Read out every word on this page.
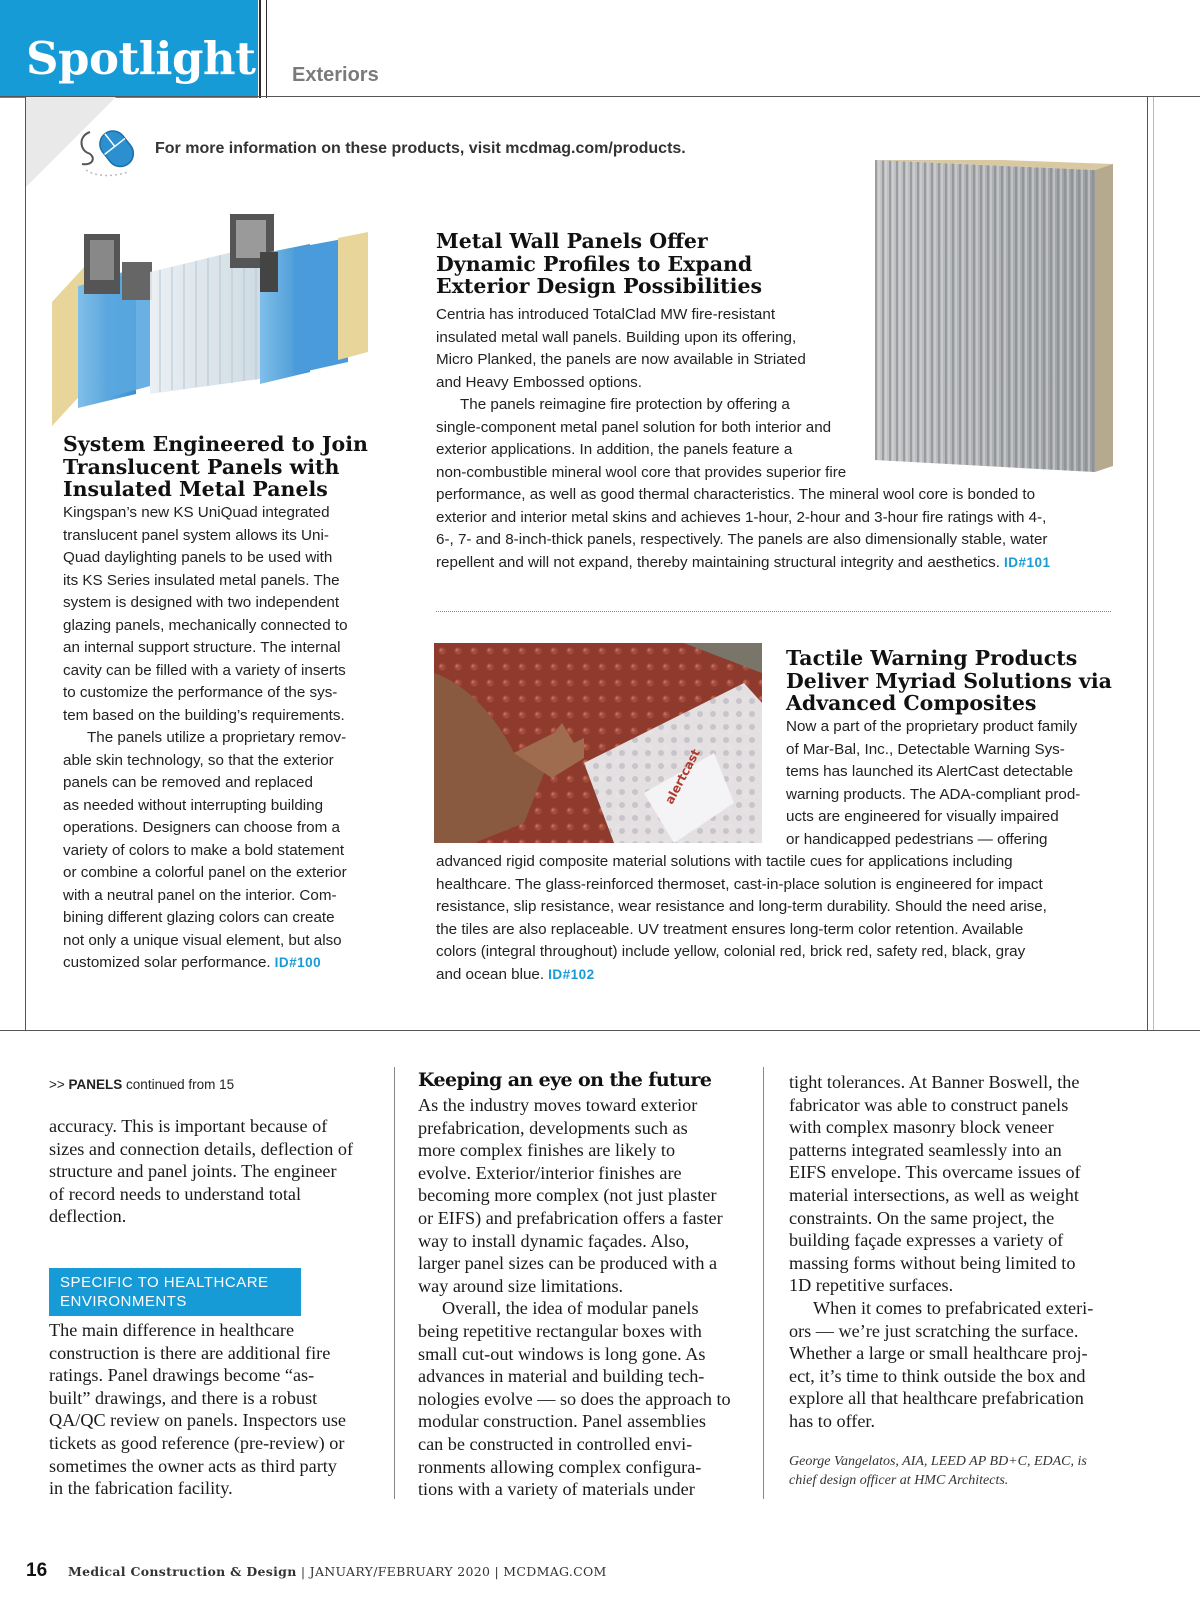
Spotlight Exteriors
For more information on these products, visit mcdmag.com/products.
alertcast
System Engineered to Join
Translucent Panels with
Insulated Metal Panels
Kingspan’s new KS UniQuad integrated
translucent panel system allows its Uni-
Quad daylighting panels to be used with
its KS Series insulated metal panels. The
system is designed with two independent
glazing panels, mechanically connected to
an internal support structure. The internal
cavity can be filled with a variety of inserts
to customize the performance of the sys-
tem based on the building’s requirements.
The panels utilize a proprietary remov-
able skin technology, so that the exterior
panels can be removed and replaced
as needed without interrupting building
operations. Designers can choose from a
variety of colors to make a bold statement
or combine a colorful panel on the exterior
with a neutral panel on the interior. Com-
bining different glazing colors can create
not only a unique visual element, but also
customized solar performance. ID#100
Metal Wall Panels Offer
Dynamic Profiles to Expand
Exterior Design Possibilities
Centria has introduced TotalClad MW fire-resistant
insulated metal wall panels. Building upon its offering,
Micro Planked, the panels are now available in Striated
and Heavy Embossed options.
The panels reimagine fire protection by offering a
single-component metal panel solution for both interior and
exterior applications. In addition, the panels feature a
non-combustible mineral wool core that provides superior fire
performance, as well as good thermal characteristics. The mineral wool core is bonded to
exterior and interior metal skins and achieves 1-hour, 2-hour and 3-hour fire ratings with 4-,
6-, 7- and 8-inch-thick panels, respectively. The panels are also dimensionally stable, water
repellent and will not expand, thereby maintaining structural integrity and aesthetics. ID#101
Tactile Warning Products
Deliver Myriad Solutions via
Advanced Composites
Now a part of the proprietary product family
of Mar-Bal, Inc., Detectable Warning Sys-
tems has launched its AlertCast detectable
warning products. The ADA-compliant prod-
ucts are engineered for visually impaired
or handicapped pedestrians — offering
advanced rigid composite material solutions with tactile cues for applications including
healthcare. The glass-reinforced thermoset, cast-in-place solution is engineered for impact
resistance, slip resistance, wear resistance and long-term durability. Should the need arise,
the tiles are also replaceable. UV treatment ensures long-term color retention. Available
colors (integral throughout) include yellow, colonial red, brick red, safety red, black, gray
and ocean blue. ID#102
>> PANELS continued from 15
accuracy. This is important because of
sizes and connection details, deflection of
structure and panel joints. The engineer
of record needs to understand total
deflection.
SPECIFIC TO HEALTHCARE
ENVIRONMENTS
The main difference in healthcare
construction is there are additional fire
ratings. Panel drawings become “as-
built” drawings, and there is a robust
QA/QC review on panels. Inspectors use
tickets as good reference (pre-review) or
sometimes the owner acts as third party
in the fabrication facility.
Keeping an eye on the future
As the industry moves toward exterior
prefabrication, developments such as
more complex finishes are likely to
evolve. Exterior/interior finishes are
becoming more complex (not just plaster
or EIFS) and prefabrication offers a faster
way to install dynamic façades. Also,
larger panel sizes can be produced with a
way around size limitations.
Overall, the idea of modular panels
being repetitive rectangular boxes with
small cut-out windows is long gone. As
advances in material and building tech-
nologies evolve — so does the approach to
modular construction. Panel assemblies
can be constructed in controlled envi-
ronments allowing complex configura-
tions with a variety of materials under
tight tolerances. At Banner Boswell, the
fabricator was able to construct panels
with complex masonry block veneer
patterns integrated seamlessly into an
EIFS envelope. This overcame issues of
material intersections, as well as weight
constraints. On the same project, the
building façade expresses a variety of
massing forms without being limited to
1D repetitive surfaces.
When it comes to prefabricated exteri-
ors — we’re just scratching the surface.
Whether a large or small healthcare proj-
ect, it’s time to think outside the box and
explore all that healthcare prefabrication
has to offer.
George Vangelatos, AIA, LEED AP BD+C, EDAC, is
chief design officer at HMC Architects.
16 Medical Construction & Design | JANUARY/FEBRUARY 2020 | MCDMAG.COM
